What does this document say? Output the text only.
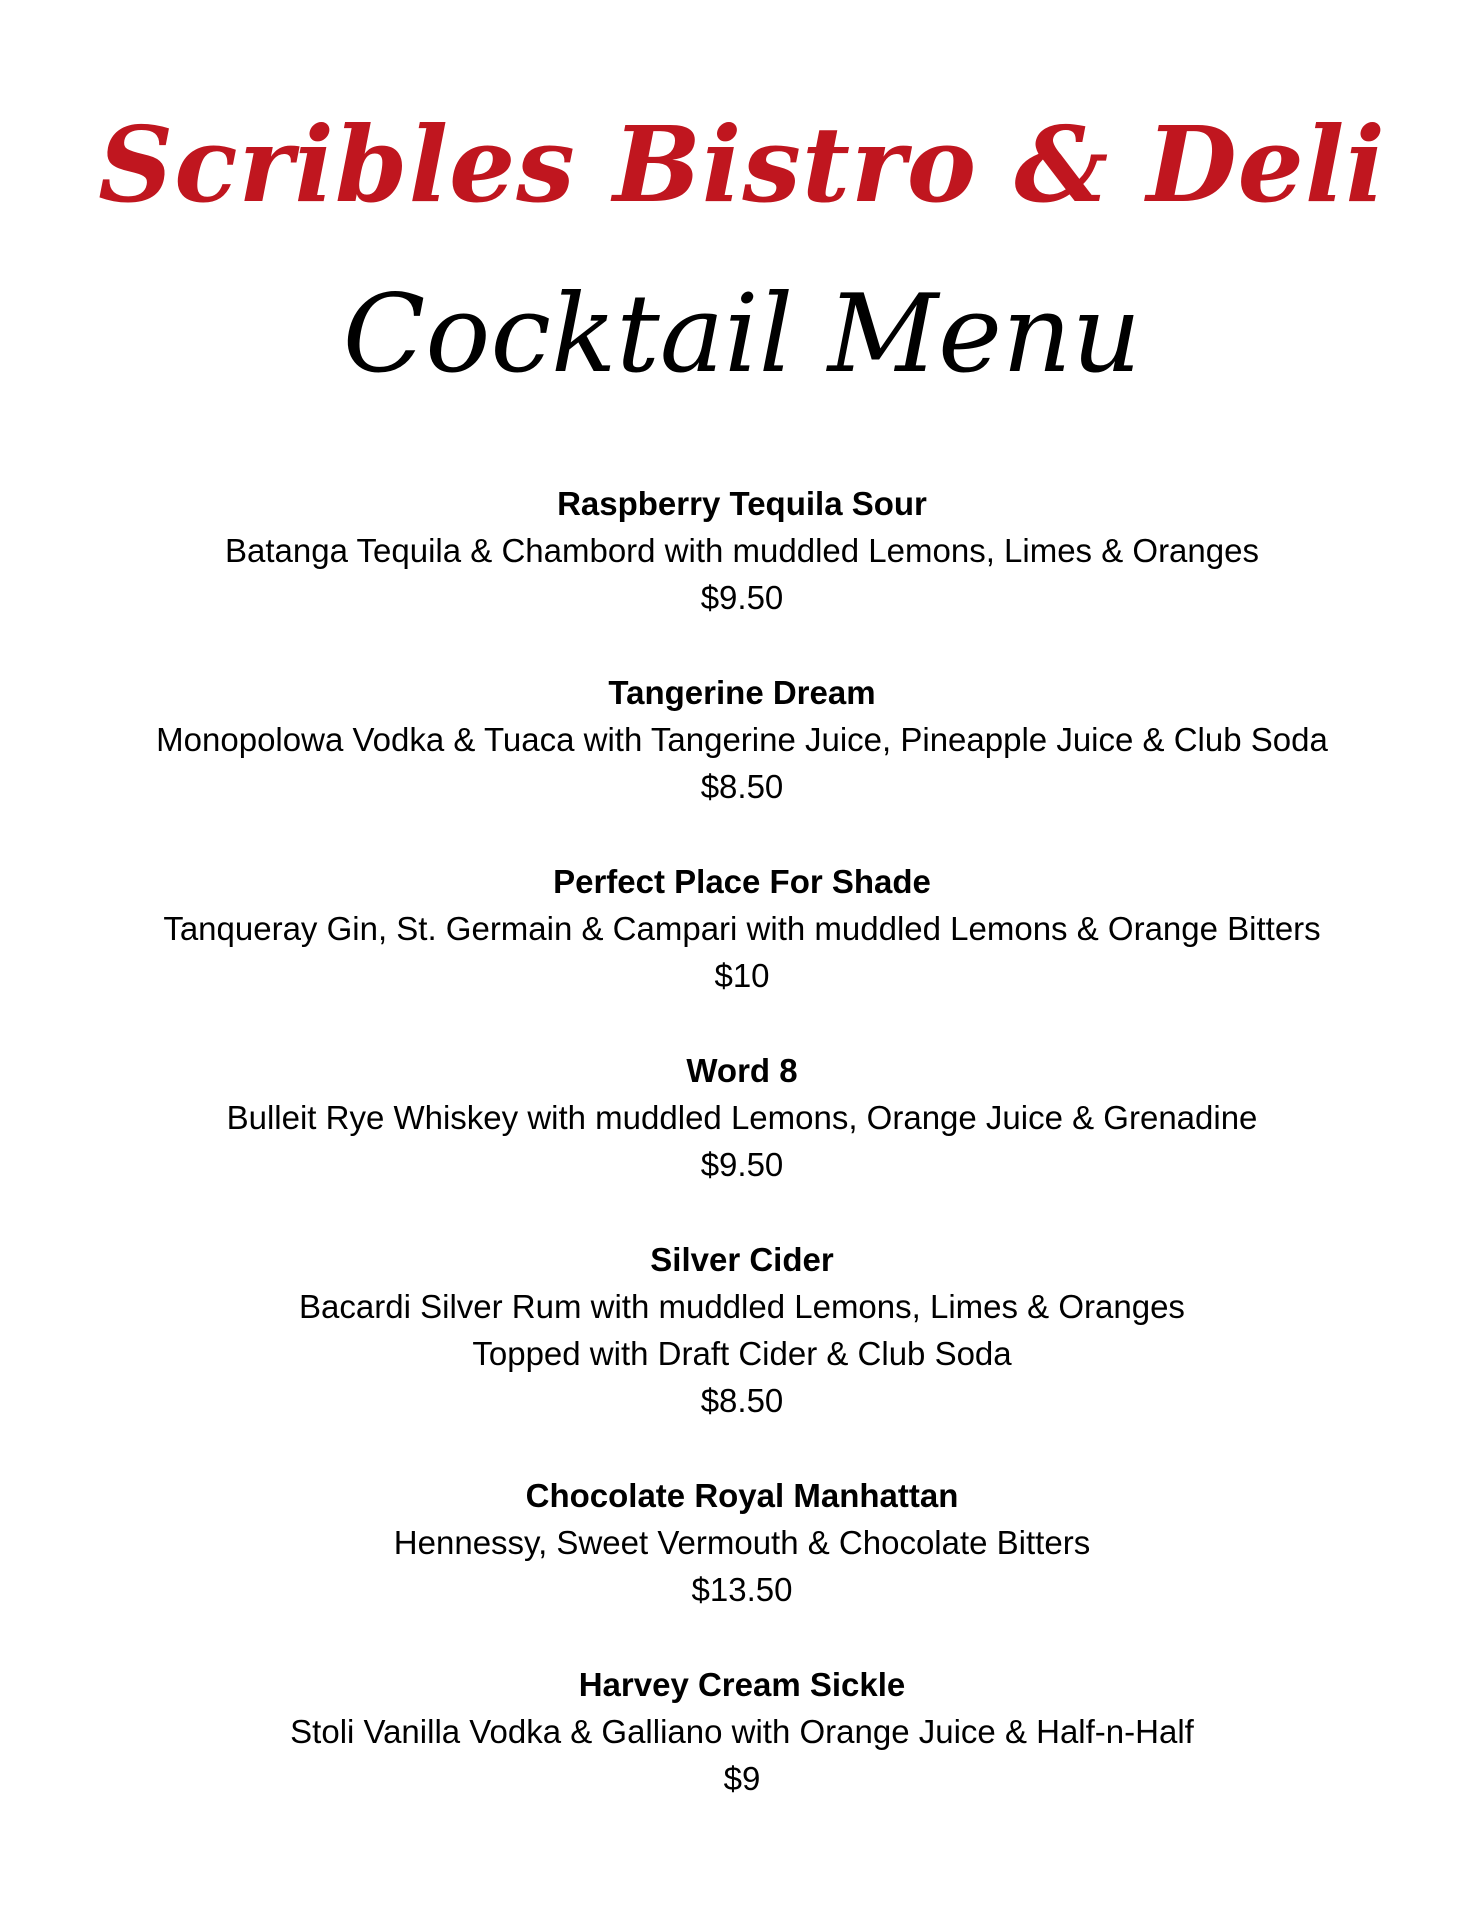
Scribles Bistro & Deli
Cocktail Menu
Raspberry Tequila Sour
Batanga Tequila & Chambord with muddled Lemons, Limes & Oranges
$9.50
Tangerine Dream
Monopolowa Vodka & Tuaca with Tangerine Juice, Pineapple Juice & Club Soda
$8.50
Perfect Place For Shade
Tanqueray Gin, St. Germain & Campari with muddled Lemons & Orange Bitters
$10
Word 8
Bulleit Rye Whiskey with muddled Lemons, Orange Juice & Grenadine
$9.50
Silver Cider
Bacardi Silver Rum with muddled Lemons, Limes & Oranges
Topped with Draft Cider & Club Soda
$8.50
Chocolate Royal Manhattan
Hennessy, Sweet Vermouth & Chocolate Bitters
$13.50
Harvey Cream Sickle
Stoli Vanilla Vodka & Galliano with Orange Juice & Half-n-Half
$9
